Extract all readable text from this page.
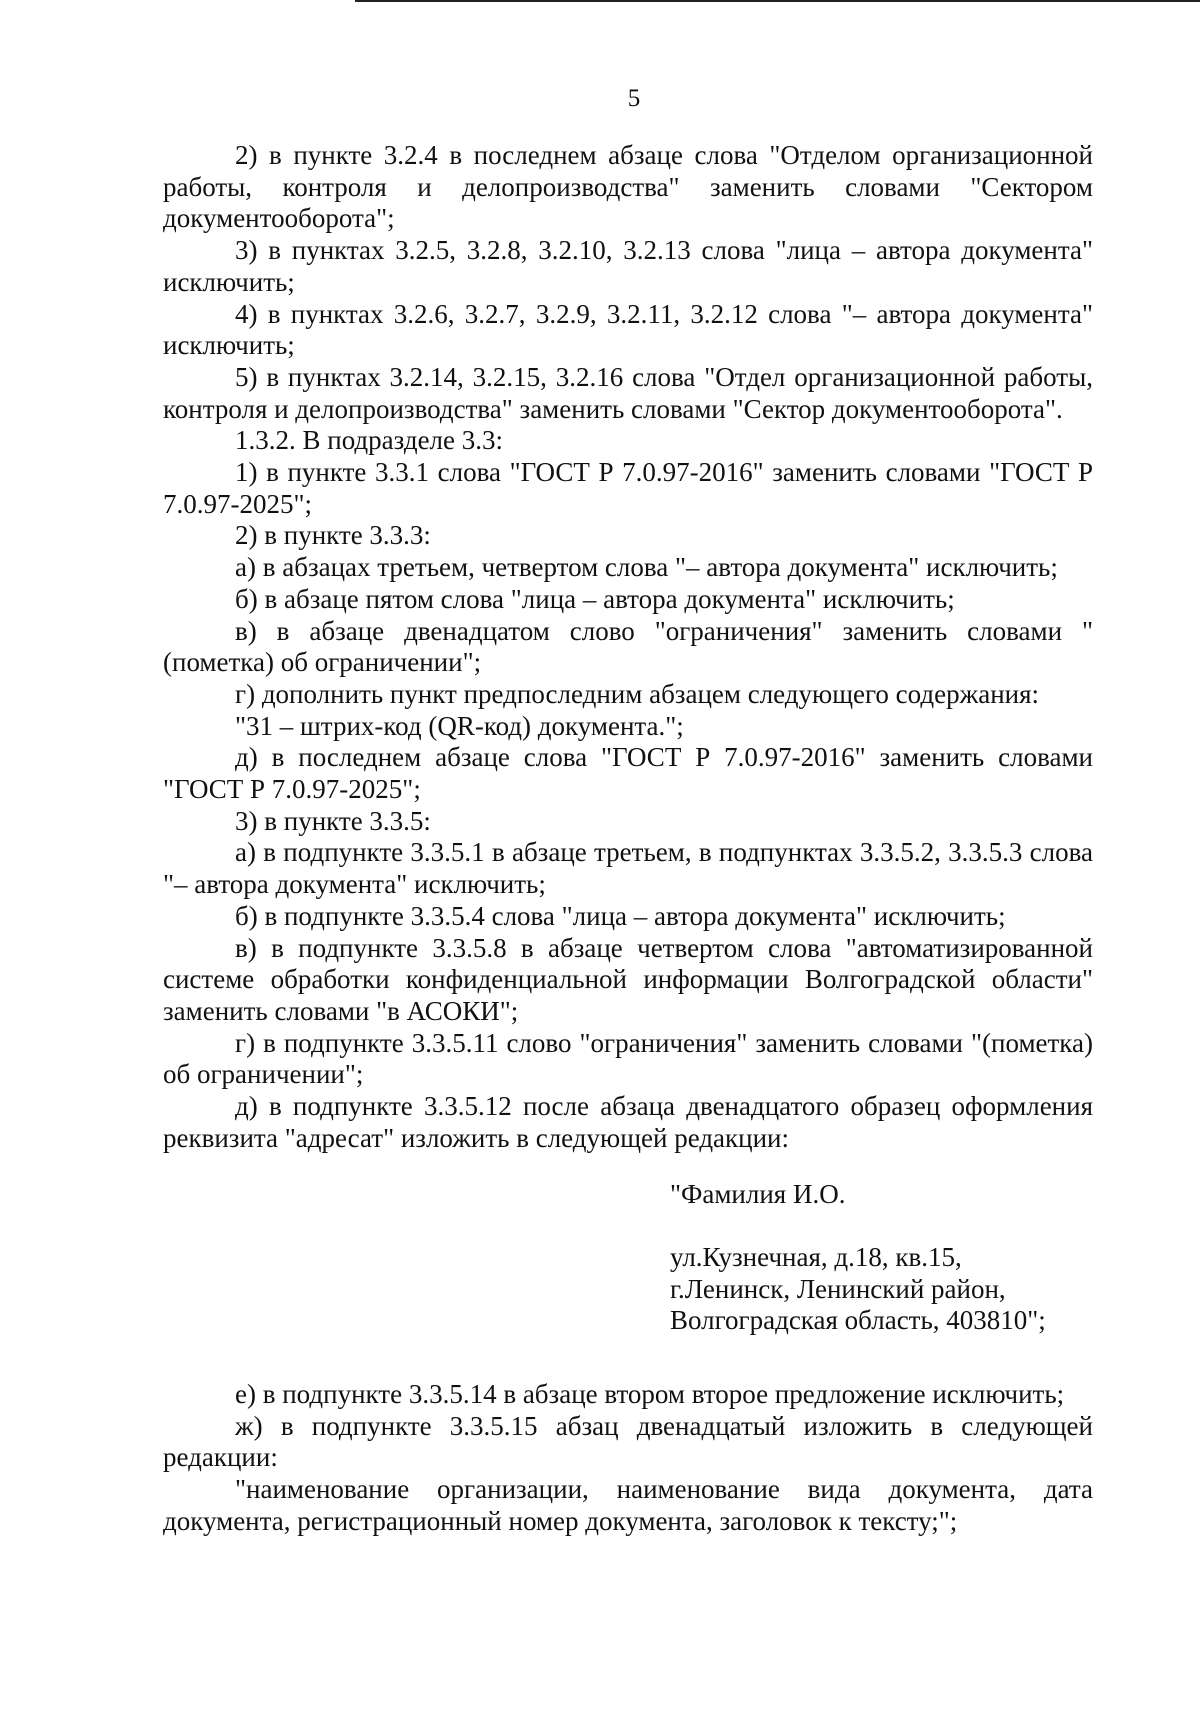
5

2) в пункте 3.2.4 в последнем абзаце слова "Отделом организационной работы, контроля и делопроизводства" заменить словами "Сектором документооборота";

3) в пунктах 3.2.5, 3.2.8, 3.2.10, 3.2.13 слова "лица – автора документа" исключить;

4) в пунктах 3.2.6, 3.2.7, 3.2.9, 3.2.11, 3.2.12 слова "– автора документа" исключить;

5) в пунктах 3.2.14, 3.2.15, 3.2.16 слова "Отдел организационной работы, контроля и делопроизводства" заменить словами "Сектор документооборота".

1.3.2. В подразделе 3.3:

1) в пункте 3.3.1 слова "ГОСТ Р 7.0.97-2016" заменить словами "ГОСТ Р 7.0.97-2025";

2) в пункте 3.3.3:

а) в абзацах третьем, четвертом слова "– автора документа" исключить;

б) в абзаце пятом слова "лица – автора документа" исключить;

в) в абзаце двенадцатом слово "ограничения" заменить словами "(пометка) об ограничении";

г) дополнить пункт предпоследним абзацем следующего содержания:

"31 – штрих-код (QR-код) документа.";

д) в последнем абзаце слова "ГОСТ Р 7.0.97-2016" заменить словами "ГОСТ Р 7.0.97-2025";

3) в пункте 3.3.5:

а) в подпункте 3.3.5.1 в абзаце третьем, в подпунктах 3.3.5.2, 3.3.5.3 слова "– автора документа" исключить;

б) в подпункте 3.3.5.4 слова "лица – автора документа" исключить;

в) в подпункте 3.3.5.8 в абзаце четвертом слова "автоматизированной системе обработки конфиденциальной информации Волгоградской области" заменить словами "в АСОКИ";

г) в подпункте 3.3.5.11 слово "ограничения" заменить словами "(пометка) об ограничении";

д) в подпункте 3.3.5.12 после абзаца двенадцатого образец оформления реквизита "адресат" изложить в следующей редакции:

"Фамилия И.О.
ул.Кузнечная, д.18, кв.15,
г.Ленинск, Ленинский район,
Волгоградская область, 403810";

е) в подпункте 3.3.5.14 в абзаце втором второе предложение исключить;

ж) в подпункте 3.3.5.15 абзац двенадцатый изложить в следующей редакции:

"наименование организации, наименование вида документа, дата документа, регистрационный номер документа, заголовок к тексту;";
